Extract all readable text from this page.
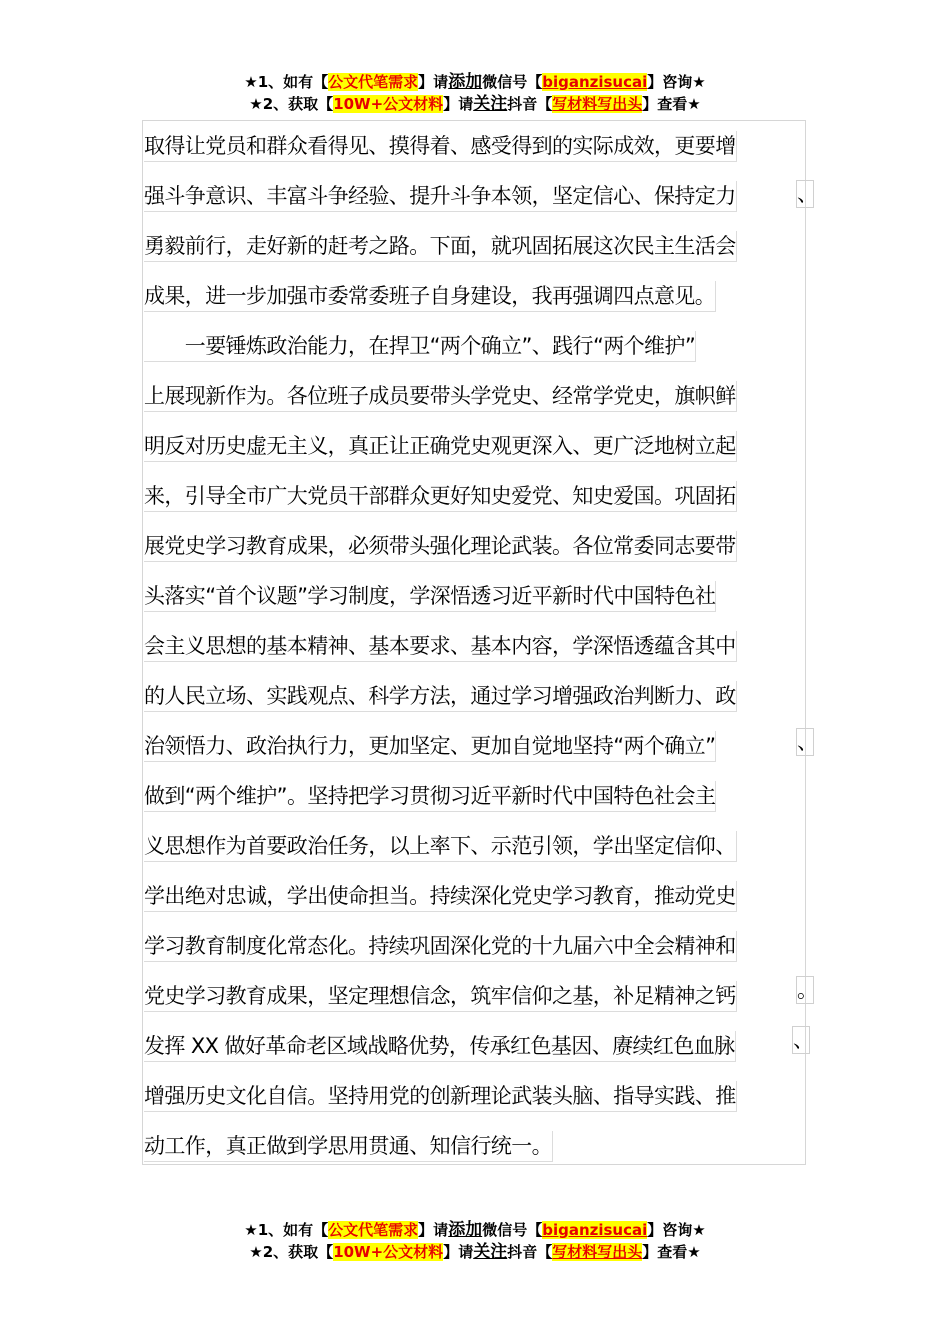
★1、如有【公文代笔需求】请添加微信号【biganzisucai】咨询★
★2、获取【10W+公文材料】请关注抖音【写材料写出头】查看★
取得让党员和群众看得见、摸得着、感受得到的实际成效，更要增
强斗争意识、丰富斗争经验、提升斗争本领，坚定信心、保持定力
勇毅前行，走好新的赶考之路。下面，就巩固拓展这次民主生活会
成果，进一步加强市委常委班子自身建设，我再强调四点意见。
　　一要锤炼政治能力，在捍卫“两个确立”、践行“两个维护”
上展现新作为。各位班子成员要带头学党史、经常学党史，旗帜鲜
明反对历史虚无主义，真正让正确党史观更深入、更广泛地树立起
来，引导全市广大党员干部群众更好知史爱党、知史爱国。巩固拓
展党史学习教育成果，必须带头强化理论武装。各位常委同志要带
头落实“首个议题”学习制度，学深悟透习近平新时代中国特色社
会主义思想的基本精神、基本要求、基本内容，学深悟透蕴含其中
的人民立场、实践观点、科学方法，通过学习增强政治判断力、政
治领悟力、政治执行力，更加坚定、更加自觉地坚持“两个确立”
做到“两个维护”。坚持把学习贯彻习近平新时代中国特色社会主
义思想作为首要政治任务，以上率下、示范引领，学出坚定信仰、
学出绝对忠诚，学出使命担当。持续深化党史学习教育，推动党史
学习教育制度化常态化。持续巩固深化党的十九届六中全会精神和
党史学习教育成果，坚定理想信念，筑牢信仰之基，补足精神之钙
发挥 XX 做好革命老区域战略优势，传承红色基因、赓续红色血脉
增强历史文化自信。坚持用党的创新理论武装头脑、指导实践、推
动工作，真正做到学思用贯通、知信行统一。
、
、
。
、
★1、如有【公文代笔需求】请添加微信号【biganzisucai】咨询★
★2、获取【10W+公文材料】请关注抖音【写材料写出头】查看★
